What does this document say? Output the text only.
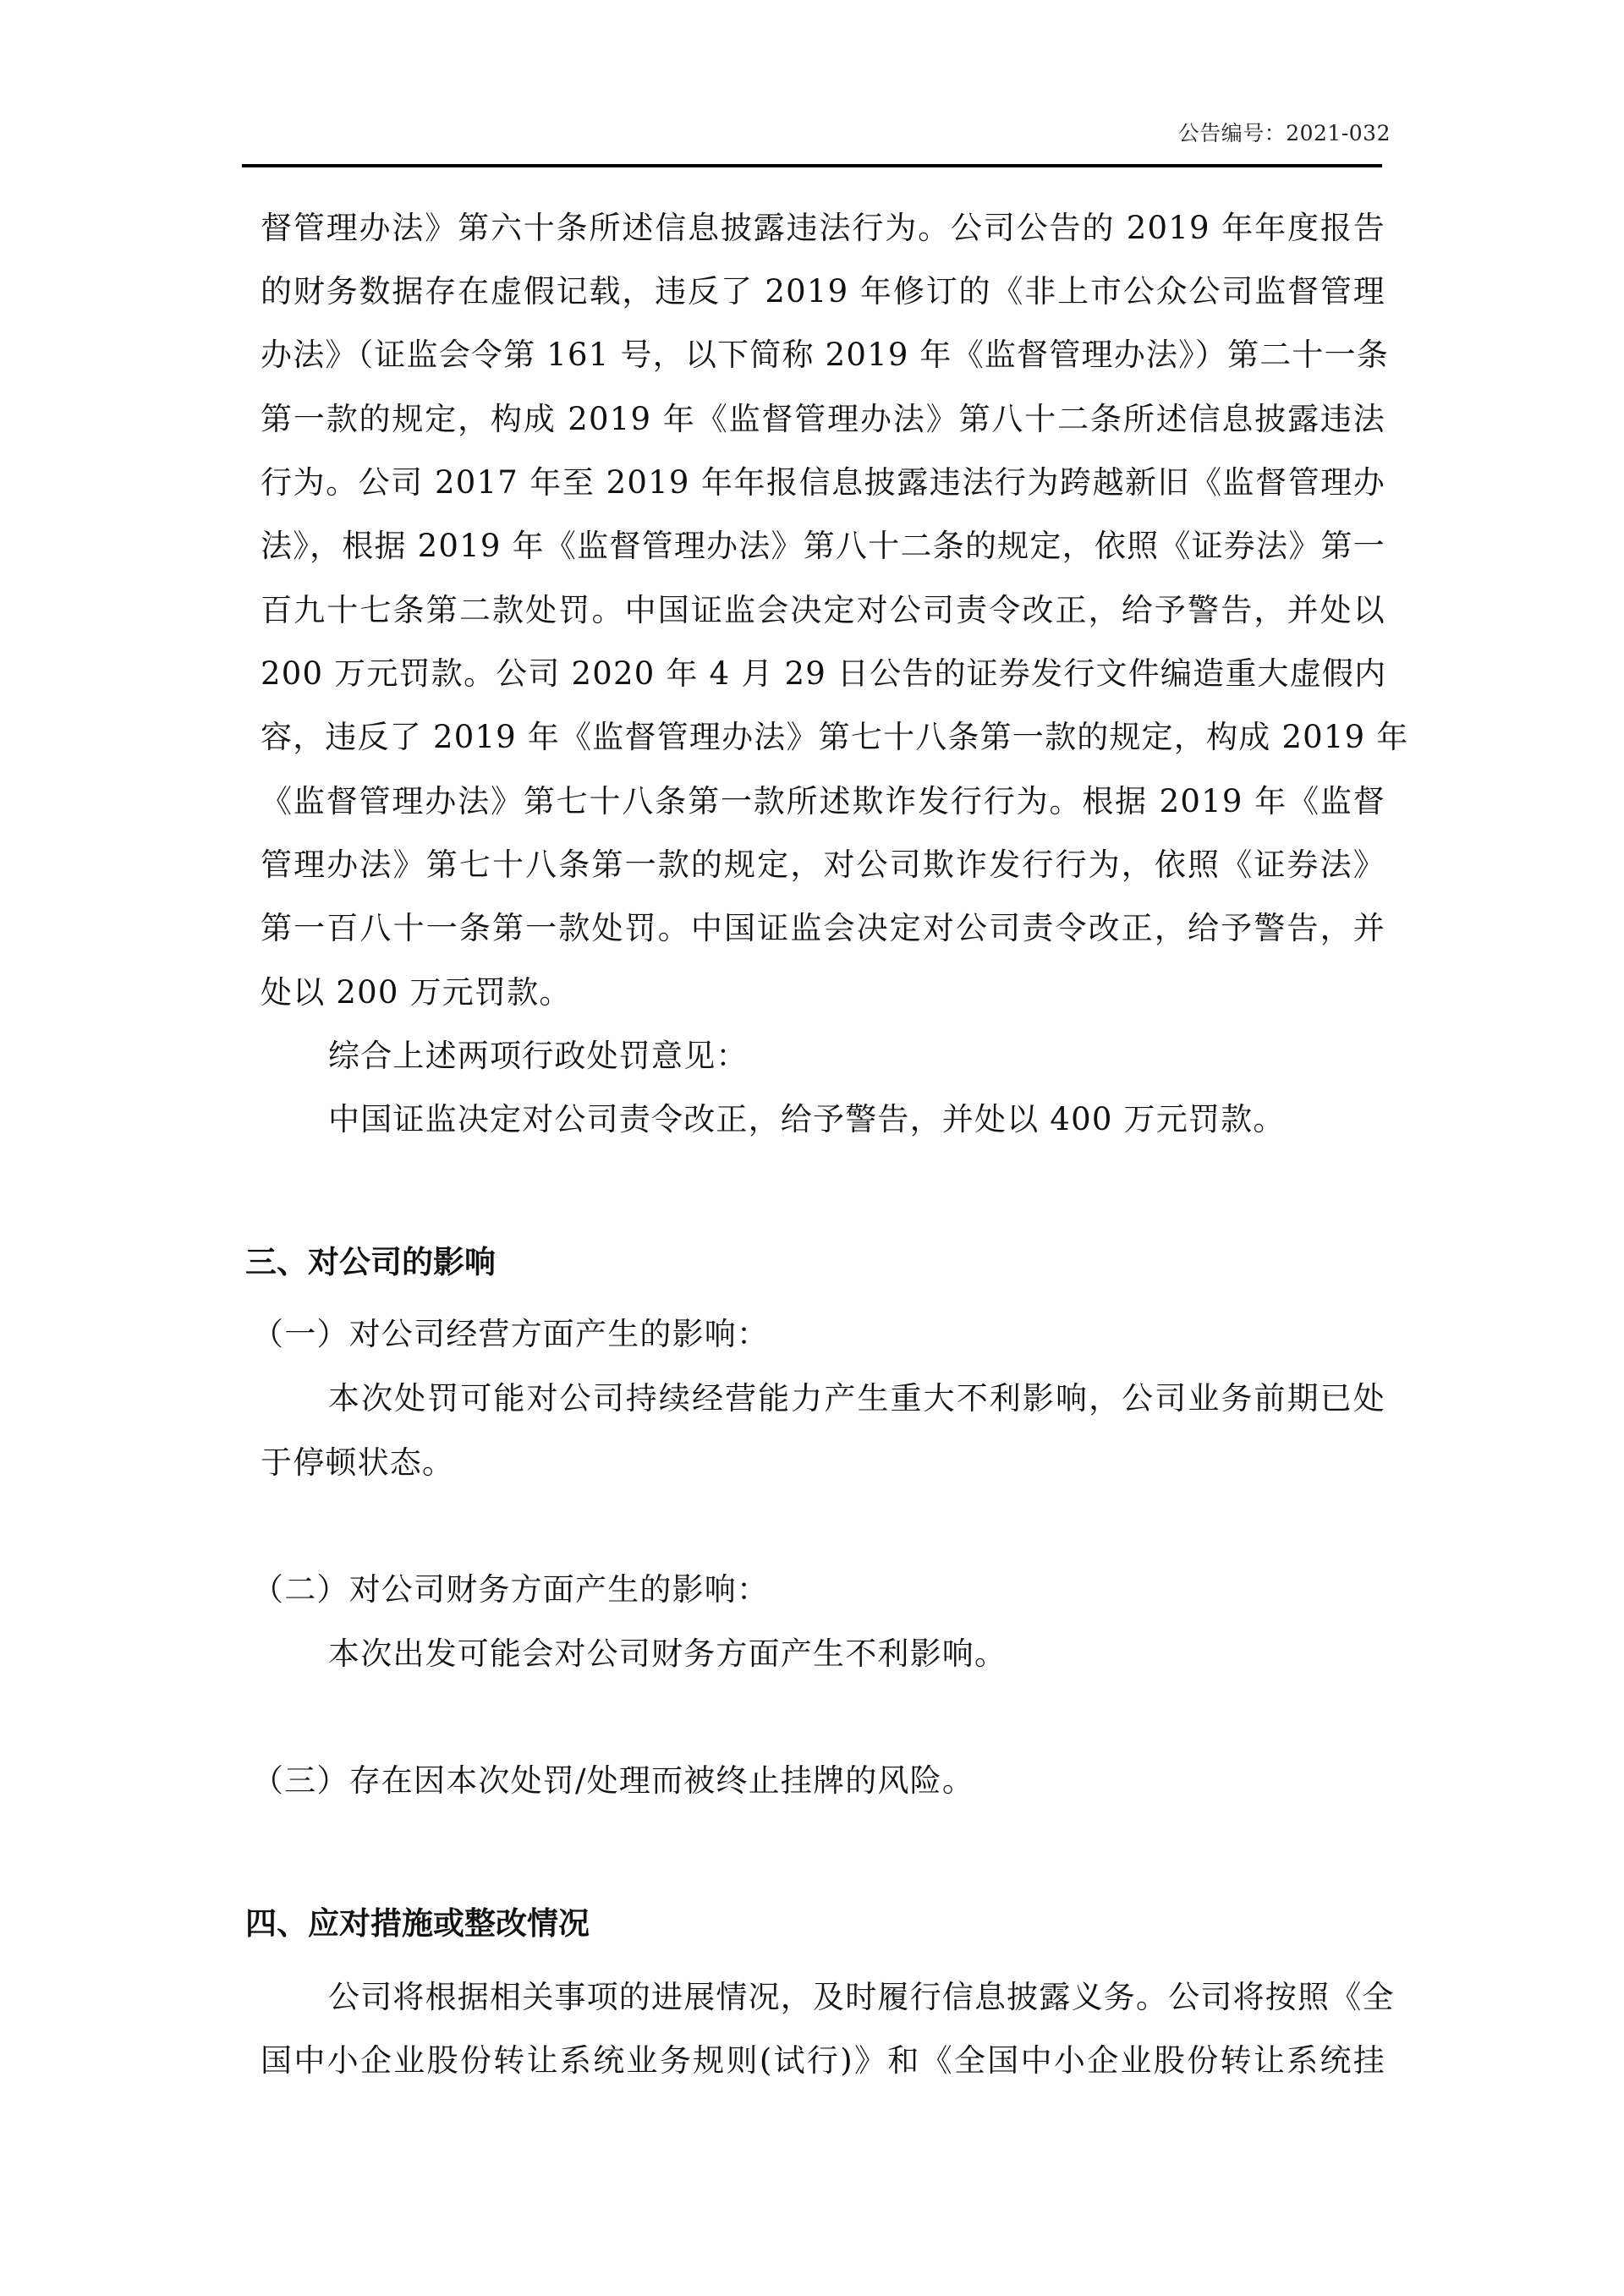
公告编号：2021-032
督管理办法》第六十条所述信息披露违法行为。公司公告的 2019 年年度报告
的财务数据存在虚假记载，违反了 2019 年修订的《非上市公众公司监督管理
办法》（证监会令第 161 号，以下简称 2019 年《监督管理办法》）第二十一条
第一款的规定，构成 2019 年《监督管理办法》第八十二条所述信息披露违法
行为。公司 2017 年至 2019 年年报信息披露违法行为跨越新旧《监督管理办
法》，根据 2019 年《监督管理办法》第八十二条的规定，依照《证券法》第一
百九十七条第二款处罚。中国证监会决定对公司责令改正，给予警告，并处以
200 万元罚款。公司 2020 年 4 月 29 日公告的证券发行文件编造重大虚假内
容，违反了 2019 年《监督管理办法》第七十八条第一款的规定，构成 2019 年
《监督管理办法》第七十八条第一款所述欺诈发行行为。根据 2019 年《监督
管理办法》第七十八条第一款的规定，对公司欺诈发行行为，依照《证券法》
第一百八十一条第一款处罚。中国证监会决定对公司责令改正，给予警告，并
处以 200 万元罚款。
综合上述两项行政处罚意见：
中国证监决定对公司责令改正，给予警告，并处以 400 万元罚款。
三、对公司的影响
（一）对公司经营方面产生的影响：
本次处罚可能对公司持续经营能力产生重大不利影响，公司业务前期已处
于停顿状态。
（二）对公司财务方面产生的影响：
本次出发可能会对公司财务方面产生不利影响。
（三）存在因本次处罚/处理而被终止挂牌的风险。
四、应对措施或整改情况
公司将根据相关事项的进展情况，及时履行信息披露义务。公司将按照《全
国中小企业股份转让系统业务规则(试行)》和《全国中小企业股份转让系统挂
